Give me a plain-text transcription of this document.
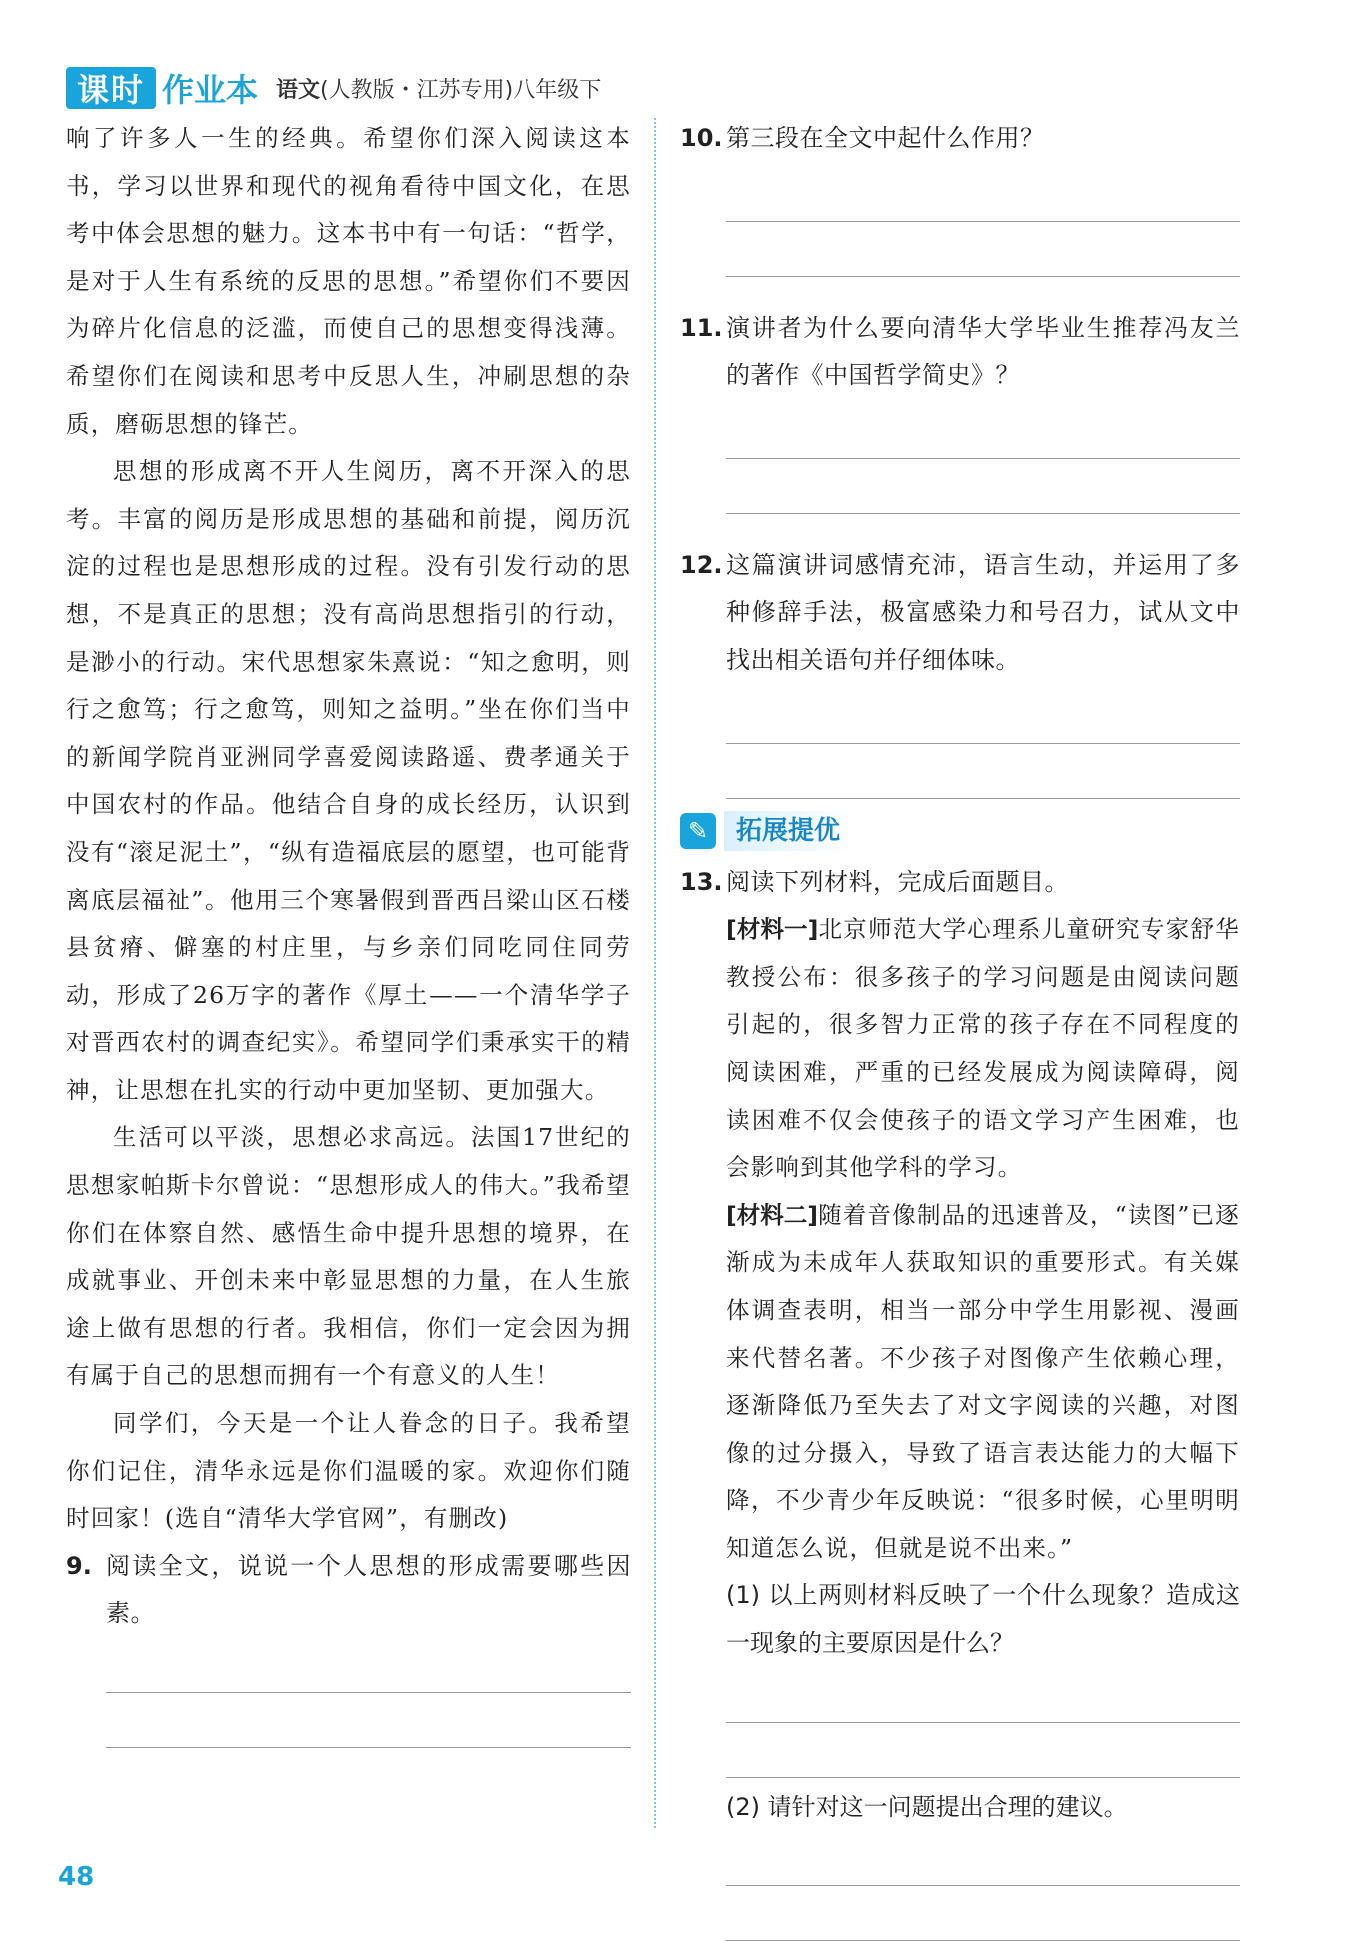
课时 作业本 语文(人教版・江苏专用)八年级下

响了许多人一生的经典。希望你们深入阅读这本书，学习以世界和现代的视角看待中国文化，在思考中体会思想的魅力。这本书中有一句话：“哲学，是对于人生有系统的反思的思想。”希望你们不要因为碎片化信息的泛滥，而使自己的思想变得浅薄。希望你们在阅读和思考中反思人生，冲刷思想的杂质，磨砺思想的锋芒。

思想的形成离不开人生阅历，离不开深入的思考。丰富的阅历是形成思想的基础和前提，阅历沉淀的过程也是思想形成的过程。没有引发行动的思想，不是真正的思想；没有高尚思想指引的行动，是渺小的行动。宋代思想家朱熹说：“知之愈明，则行之愈笃；行之愈笃，则知之益明。”坐在你们当中的新闻学院肖亚洲同学喜爱阅读路遥、费孝通关于中国农村的作品。他结合自身的成长经历，认识到没有“滚足泥土”，“纵有造福底层的愿望，也可能背离底层福祉”。他用三个寒暑假到晋西吕梁山区石楼县贫瘠、僻塞的村庄里，与乡亲们同吃同住同劳动，形成了26万字的著作《厚土——一个清华学子对晋西农村的调查纪实》。希望同学们秉承实干的精神，让思想在扎实的行动中更加坚韧、更加强大。

生活可以平淡，思想必求高远。法国17世纪的思想家帕斯卡尔曾说：“思想形成人的伟大。”我希望你们在体察自然、感悟生命中提升思想的境界，在成就事业、开创未来中彰显思想的力量，在人生旅途上做有思想的行者。我相信，你们一定会因为拥有属于自己的思想而拥有一个有意义的人生！

同学们，今天是一个让人眷念的日子。我希望你们记住，清华永远是你们温暖的家。欢迎你们随时回家！(选自“清华大学官网”，有删改)

9. 阅读全文，说说一个人思想的形成需要哪些因素。
10. 第三段在全文中起什么作用？
11. 演讲者为什么要向清华大学毕业生推荐冯友兰的著作《中国哲学简史》？
12. 这篇演讲词感情充沛，语言生动，并运用了多种修辞手法，极富感染力和号召力，试从文中找出相关语句并仔细体味。
✎	拓展提优
13. 阅读下列材料，完成后面题目。

[材料一]北京师范大学心理系儿童研究专家舒华教授公布：很多孩子的学习问题是由阅读问题引起的，很多智力正常的孩子存在不同程度的阅读困难，严重的已经发展成为阅读障碍，阅读困难不仅会使孩子的语文学习产生困难，也会影响到其他学科的学习。

[材料二]随着音像制品的迅速普及，“读图”已逐渐成为未成年人获取知识的重要形式。有关媒体调查表明，相当一部分中学生用影视、漫画来代替名著。不少孩子对图像产生依赖心理，逐渐降低乃至失去了对文字阅读的兴趣，对图像的过分摄入，导致了语言表达能力的大幅下降，不少青少年反映说：“很多时候，心里明明知道怎么说，但就是说不出来。”

(1) 以上两则材料反映了一个什么现象？造成这一现象的主要原因是什么？
(2) 请针对这一问题提出合理的建议。
48
